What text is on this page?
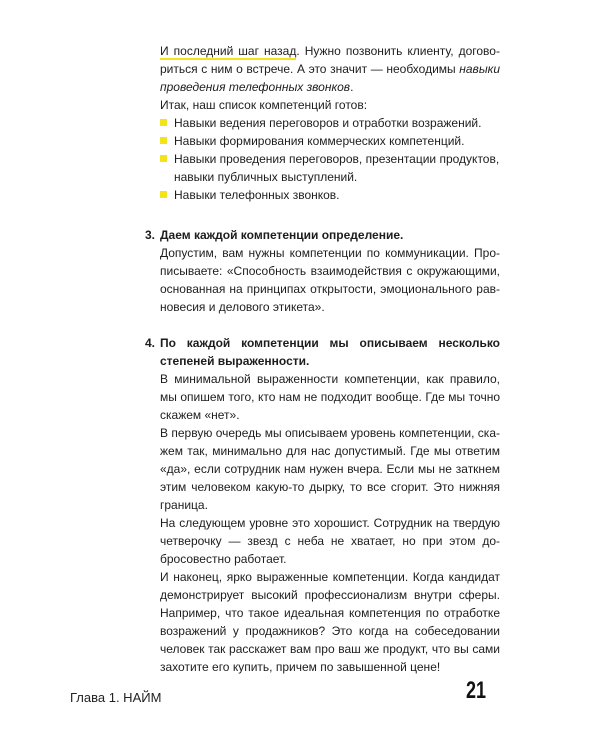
И последний шаг назад. Нужно позвонить клиенту, договориться с ним о встрече. А это значит — необходимы навыки проведения телефонных звонков.

Итак, наш список компетенций готов:

Навыки ведения переговоров и отработки возражений.
Навыки формирования коммерческих компетенций.
Навыки проведения переговоров, презентации продуктов, навыки публичных выступлений.
Навыки телефонных звонков.

3. Даем каждой компетенции определение.

Допустим, вам нужны компетенции по коммуникации. Прописываете: «Способность взаимодействия с окружающими, основанная на принципах открытости, эмоционального равновесия и делового этикета».

4. По каждой компетенции мы описываем несколько степеней выраженности.

В минимальной выраженности компетенции, как правило, мы опишем того, кто нам не подходит вообще. Где мы точно скажем «нет».

В первую очередь мы описываем уровень компетенции, скажем так, минимально для нас допустимый. Где мы ответим «да», если сотрудник нам нужен вчера. Если мы не заткнем этим человеком какую-то дырку, то все сгорит. Это нижняя граница.

На следующем уровне это хорошист. Сотрудник на твердую четверочку — звезд с неба не хватает, но при этом добросовестно работает.

И наконец, ярко выраженные компетенции. Когда кандидат демонстрирует высокий профессионализм внутри сферы. Например, что такое идеальная компетенция по отработке возражений у продажников? Это когда на собеседовании человек так расскажет вам про ваш же продукт, что вы сами захотите его купить, причем по завышенной цене!

Глава 1. НАЙМ	21
